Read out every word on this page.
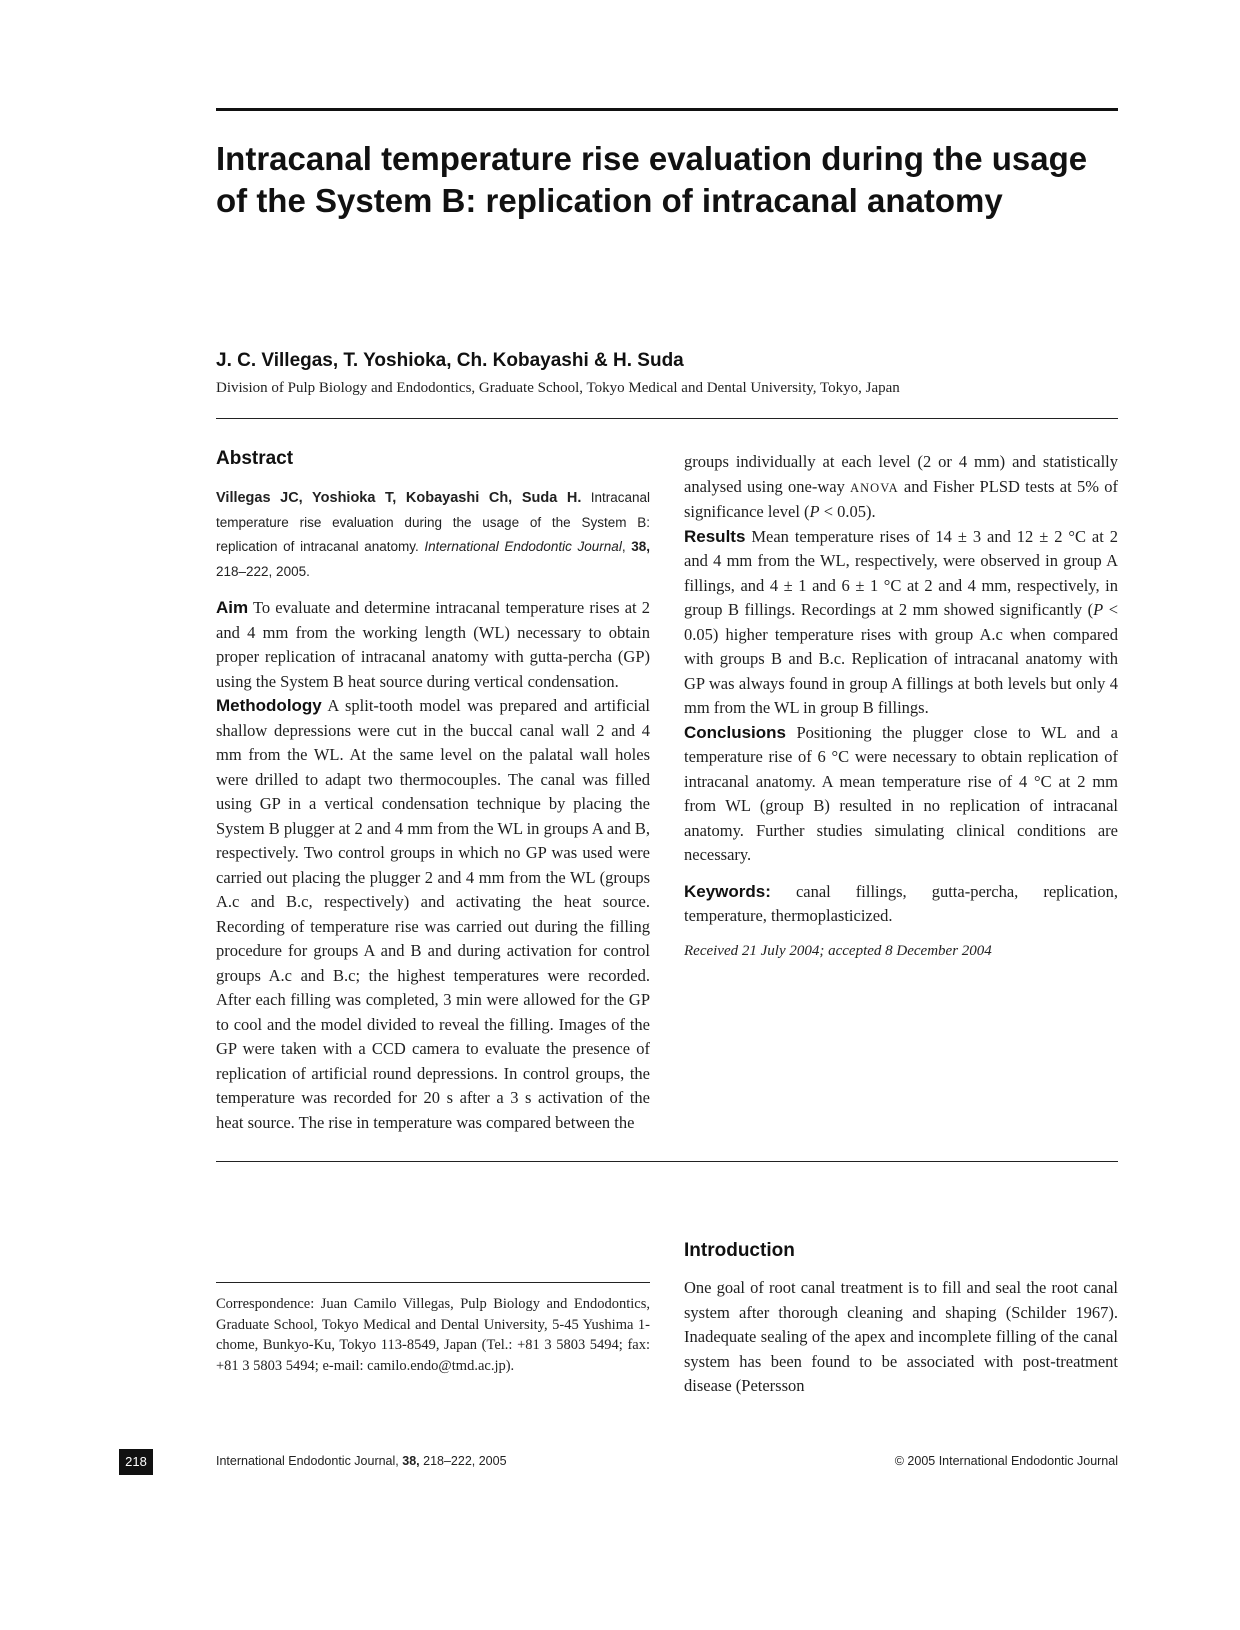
Intracanal temperature rise evaluation during the usage of the System B: replication of intracanal anatomy

J. C. Villegas, T. Yoshioka, Ch. Kobayashi & H. Suda

Division of Pulp Biology and Endodontics, Graduate School, Tokyo Medical and Dental University, Tokyo, Japan

Abstract

Villegas JC, Yoshioka T, Kobayashi Ch, Suda H. Intracanal temperature rise evaluation during the usage of the System B: replication of intracanal anatomy. International Endodontic Journal, 38, 218–222, 2005.

Aim To evaluate and determine intracanal temperature rises at 2 and 4 mm from the working length (WL) necessary to obtain proper replication of intracanal anatomy with gutta-percha (GP) using the System B heat source during vertical condensation.

Methodology A split-tooth model was prepared and artificial shallow depressions were cut in the buccal canal wall 2 and 4 mm from the WL. At the same level on the palatal wall holes were drilled to adapt two thermocouples. The canal was filled using GP in a vertical condensation technique by placing the System B plugger at 2 and 4 mm from the WL in groups A and B, respectively. Two control groups in which no GP was used were carried out placing the plugger 2 and 4 mm from the WL (groups A.c and B.c, respectively) and activating the heat source. Recording of temperature rise was carried out during the filling procedure for groups A and B and during activation for control groups A.c and B.c; the highest temperatures were recorded. After each filling was completed, 3 min were allowed for the GP to cool and the model divided to reveal the filling. Images of the GP were taken with a CCD camera to evaluate the presence of replication of artificial round depressions. In control groups, the temperature was recorded for 20 s after a 3 s activation of the heat source. The rise in temperature was compared between the

groups individually at each level (2 or 4 mm) and statistically analysed using one-way ANOVA and Fisher PLSD tests at 5% of significance level (P < 0.05).

Results Mean temperature rises of 14 ± 3 and 12 ± 2 °C at 2 and 4 mm from the WL, respectively, were observed in group A fillings, and 4 ± 1 and 6 ± 1 °C at 2 and 4 mm, respectively, in group B fillings. Recordings at 2 mm showed significantly (P < 0.05) higher temperature rises with group A.c when compared with groups B and B.c. Replication of intracanal anatomy with GP was always found in group A fillings at both levels but only 4 mm from the WL in group B fillings.

Conclusions Positioning the plugger close to WL and a temperature rise of 6 °C were necessary to obtain replication of intracanal anatomy. A mean temperature rise of 4 °C at 2 mm from WL (group B) resulted in no replication of intracanal anatomy. Further studies simulating clinical conditions are necessary.

Keywords: canal fillings, gutta-percha, replication, temperature, thermoplasticized.

Received 21 July 2004; accepted 8 December 2004

Introduction

One goal of root canal treatment is to fill and seal the root canal system after thorough cleaning and shaping (Schilder 1967). Inadequate sealing of the apex and incomplete filling of the canal system has been found to be associated with post-treatment disease (Petersson

Correspondence: Juan Camilo Villegas, Pulp Biology and Endodontics, Graduate School, Tokyo Medical and Dental University, 5-45 Yushima 1-chome, Bunkyo-Ku, Tokyo 113-8549, Japan (Tel.: +81 3 5803 5494; fax: +81 3 5803 5494; e-mail: camilo.endo@tmd.ac.jp).

218	International Endodontic Journal, 38, 218–222, 2005	© 2005 International Endodontic Journal
